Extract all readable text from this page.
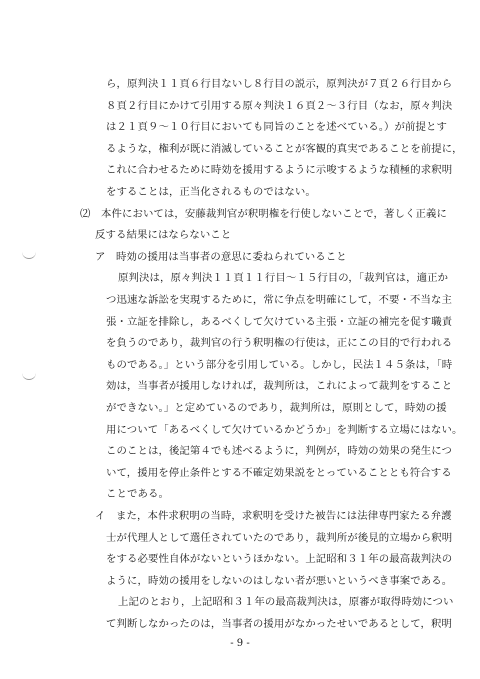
ら，原判決１１頁６行目ないし８行目の説示，原判決が７頁２６行目から
８頁２行目にかけて引用する原々判決１６頁２～３行目（なお，原々判決
は２１頁９～１０行目においても同旨のことを述べている。）が前提とす
るような，権利が既に消滅していることが客観的真実であることを前提に，
これに合わせるために時効を援用するように示唆するような積極的求釈明
をすることは，正当化されるものではない。
⑵　本件においては，安藤裁判官が釈明権を行使しないことで，著しく正義に
反する結果にはならないこと
ア　時効の援用は当事者の意思に委ねられていること
原判決は，原々判決１１頁１１行目～１５行目の，「裁判官は，適正か
つ迅速な訴訟を実現するために，常に争点を明確にして，不要・不当な主
張・立証を排除し，あるべくして欠けている主張・立証の補完を促す職責
を負うのであり，裁判官の行う釈明権の行使は，正にこの目的で行われる
ものである。」という部分を引用している。しかし，民法１４５条は，「時
効は，当事者が援用しなければ，裁判所は，これによって裁判をすること
ができない。」と定めているのであり，裁判所は，原則として，時効の援
用について「あるべくして欠けているかどうか」を判断する立場にはない。
このことは，後記第４でも述べるように，判例が，時効の効果の発生につ
いて，援用を停止条件とする不確定効果説をとっていることとも符合する
ことである。
イ　また，本件求釈明の当時，求釈明を受けた被告には法律専門家たる弁護
士が代理人として選任されていたのであり，裁判所が後見的立場から釈明
をする必要性自体がないというほかない。上記昭和３１年の最高裁判決の
ように，時効の援用をしないのはしない者が悪いというべき事案である。
上記のとおり，上記昭和３１年の最高裁判決は，原審が取得時効につい
て判断しなかったのは，当事者の援用がなかったせいであるとして，釈明
- 9 -
